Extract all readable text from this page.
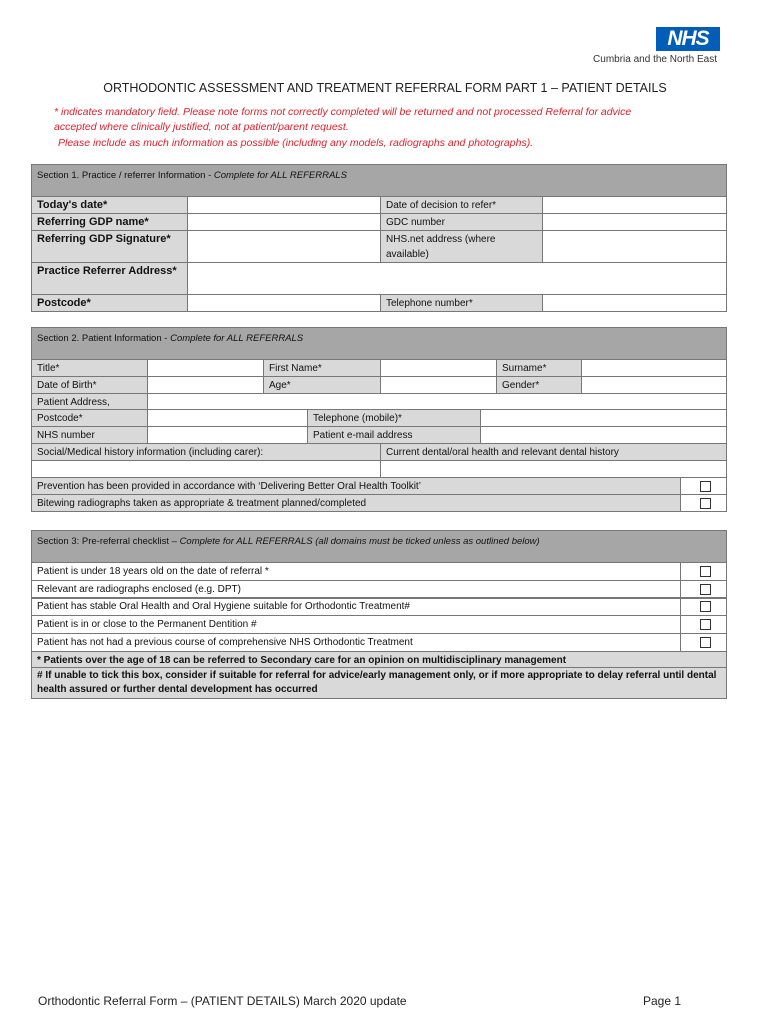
NHS
Cumbria and the North East
ORTHODONTIC ASSESSMENT AND TREATMENT REFERRAL FORM PART 1 – PATIENT DETAILS
* indicates mandatory field. Please note forms not correctly completed will be returned and not processed Referral for advice
accepted where clinically justified, not at patient/parent request.
Please include as much information as possible (including any models, radiographs and photographs).
Section 1. Practice / referrer Information - Complete for ALL REFERRALS
Today's date*	Date of decision to refer*
Referring GDP name*	GDC number
Referring GDP Signature*	NHS.net address (where available)
Practice Referrer Address*
Postcode*	Telephone number*
Section 2. Patient Information - Complete for ALL REFERRALS
Title*	First Name*	Surname*
Date of Birth*	Age*	Gender*
Patient Address,
Postcode*	Telephone (mobile)*
NHS number	Patient e-mail address
Social/Medical history information (including carer):	Current dental/oral health and relevant dental history
Prevention has been provided in accordance with ‘Delivering Better Oral Health Toolkit’
Bitewing radiographs taken as appropriate & treatment planned/completed
Section 3: Pre-referral checklist – Complete for ALL REFERRALS (all domains must be ticked unless as outlined below)
Patient is under 18 years old on the date of referral *
Relevant are radiographs enclosed (e.g. DPT)
Patient has stable Oral Health and Oral Hygiene suitable for Orthodontic Treatment#
Patient is in or close to the Permanent Dentition #
Patient has not had a previous course of comprehensive NHS Orthodontic Treatment
* Patients over the age of 18 can be referred to Secondary care for an opinion on multidisciplinary management
# If unable to tick this box, consider if suitable for referral for advice/early management only, or if more appropriate to delay referral until dental health assured or further dental development has occurred
Orthodontic Referral Form – (PATIENT DETAILS) March 2020 update	Page 1
